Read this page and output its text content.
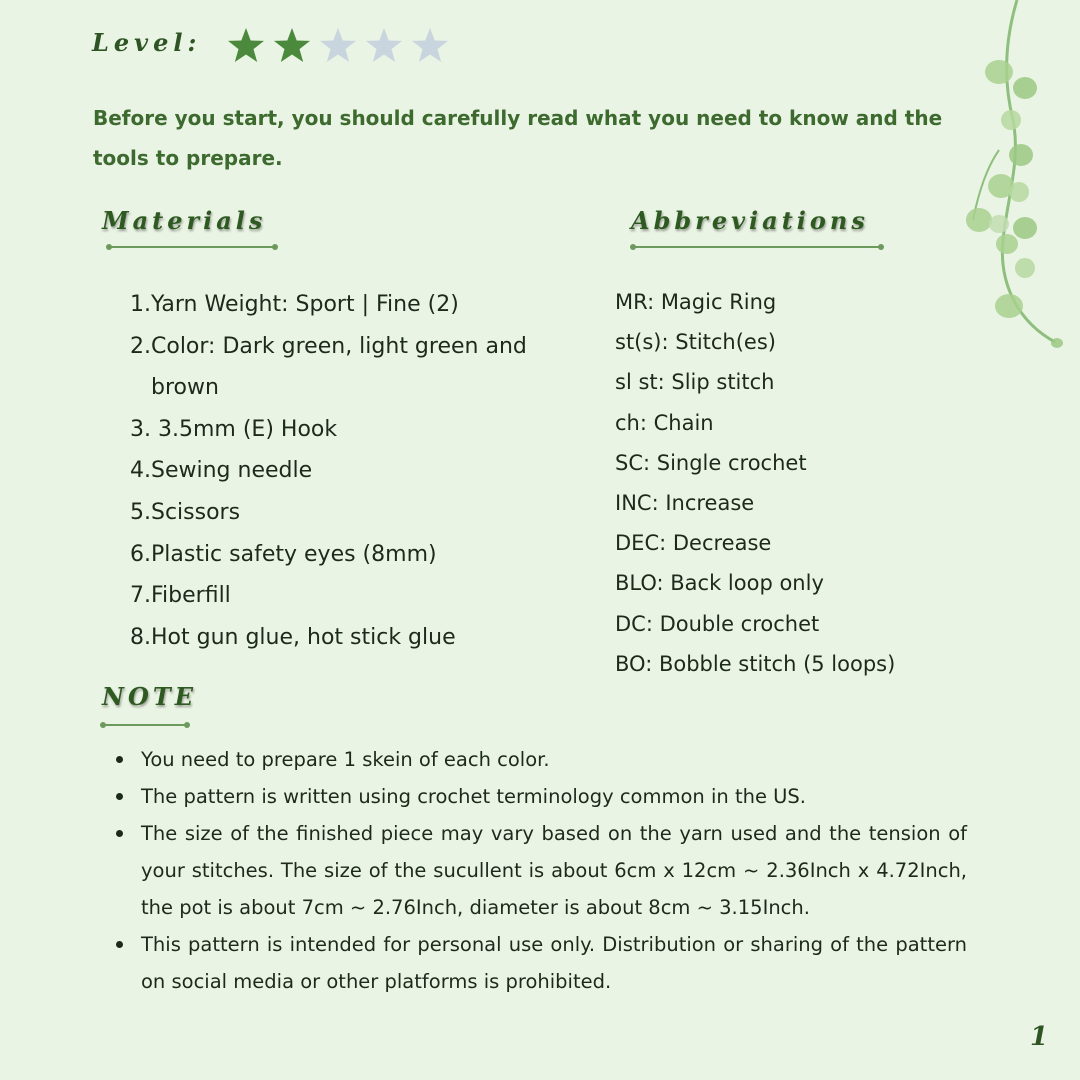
Level:
Before you start, you should carefully read what you need to know and the tools to prepare.
Materials	Abbreviations
1. Yarn Weight: Sport | Fine (2)
2. Color: Dark green, light green and brown
3. 3.5mm (E) Hook
4. Sewing needle
5. Scissors
6. Plastic safety eyes (8mm)
7. Fiberfill
8. Hot gun glue, hot stick glue
MR: Magic Ring
st(s): Stitch(es)
sl st: Slip stitch
ch: Chain
SC: Single crochet
INC: Increase
DEC: Decrease
BLO: Back loop only
DC: Double crochet
BO: Bobble stitch (5 loops)
NOTE
You need to prepare 1 skein of each color.
The pattern is written using crochet terminology common in the US.
The size of the finished piece may vary based on the yarn used and the tension of your stitches. The size of the sucullent is about 6cm x 12cm ~ 2.36Inch x 4.72Inch, the pot is about 7cm ~ 2.76Inch, diameter is about 8cm ~ 3.15Inch.
This pattern is intended for personal use only. Distribution or sharing of the pattern on social media or other platforms is prohibited.
1
